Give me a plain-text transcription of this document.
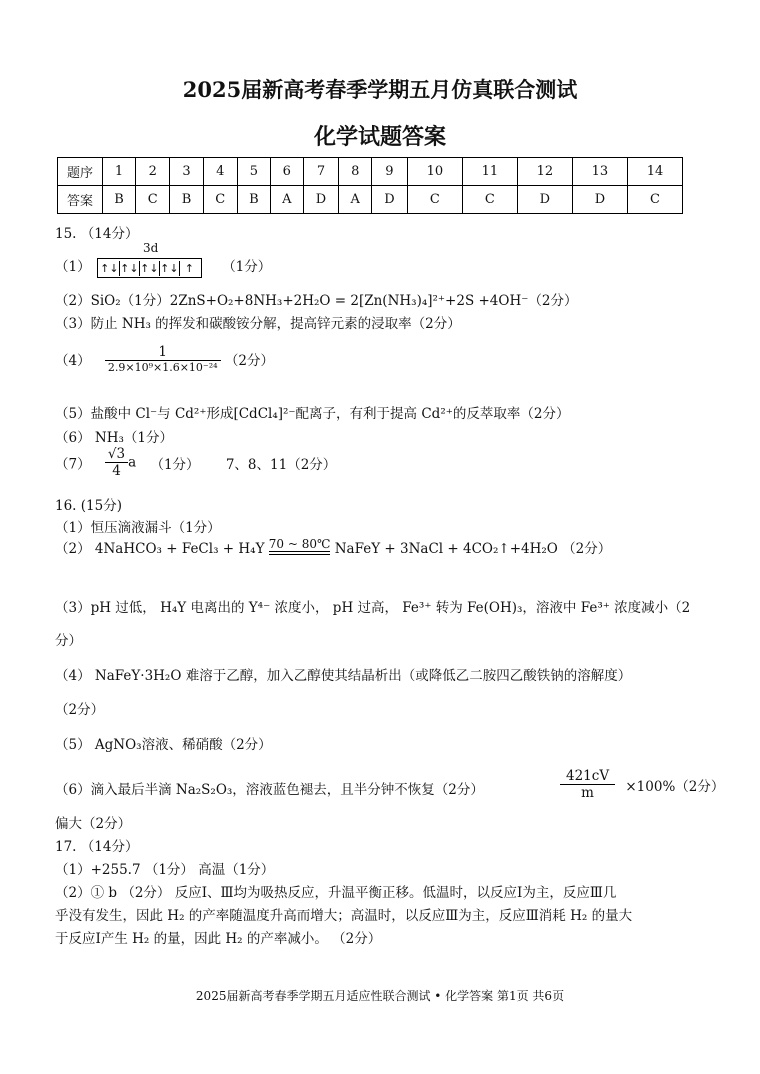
2025届新高考春季学期五月仿真联合测试
化学试题答案
题序	1	2	3	4	5	6	7	8	9	10	11	12	13	14
答案	B	C	B	C	B	A	D	A	D	C	C	D	D	C
15. （14分）
3d
（1） ↑↓ ↑↓ ↑↓ ↑↓ ↑ （1分）
（2）SiO₂（1分）2ZnS+O₂+8NH₃+2H₂O = 2[Zn(NH₃)₄]²⁺+2S +4OH⁻（2分）
（3）防止 NH₃ 的挥发和碳酸铵分解，提高锌元素的浸取率（2分）
$(4) \frac{1}{\text{2.9×10⁹×1.6×10⁻²⁴}} (2$分）
（5）盐酸中 Cl⁻与 Cd²⁺形成[CdCl₄]²⁻配离子，有利于提高 Cd²⁺的反萃取率（2分）
（6） NH₃（1分）
$(7) \frac{√3}{4}$ a （1分） 7、8、11（2分）
16. (15分)
（1）恒压滴液漏斗（1分）
（2） 4NaHCO₃ + FeCl₃ + H₄Y 70 ~ 80℃ NaFeY + 3NaCl + 4CO₂↑+4H₂O （2分）
（3）pH 过低， H₄Y 电离出的 Y⁴⁻ 浓度小， pH 过高， Fe³⁺ 转为 Fe(OH)₃，溶液中 Fe³⁺ 浓度减小（2
分）
（4） NaFeY·3H₂O 难溶于乙醇，加入乙醇使其结晶析出（或降低乙二胺四乙酸铁钠的溶解度）
（2分）
（5） AgNO₃溶液、稀硝酸（2分）
（6）滴入最后半滴 Na₂S₂O₃，溶液蓝色褪去，且半分钟不恢复（2分）	$\frac{421cV}{m} \times 100\%(2$分）
偏大（2分）
17. （14分）
（1）+255.7 （1分） 高温（1分）
（2）① b （2分） 反应Ⅰ、Ⅲ均为吸热反应，升温平衡正移。低温时，以反应Ⅰ为主，反应Ⅲ几
乎没有发生，因此 H₂ 的产率随温度升高而增大；高温时，以反应Ⅲ为主，反应Ⅲ消耗 H₂ 的量大
于反应Ⅰ产生 H₂ 的量，因此 H₂ 的产率减小。 （2分）
2025届新高考春季学期五月适应性联合测试 • 化学答案 第1页 共6页
